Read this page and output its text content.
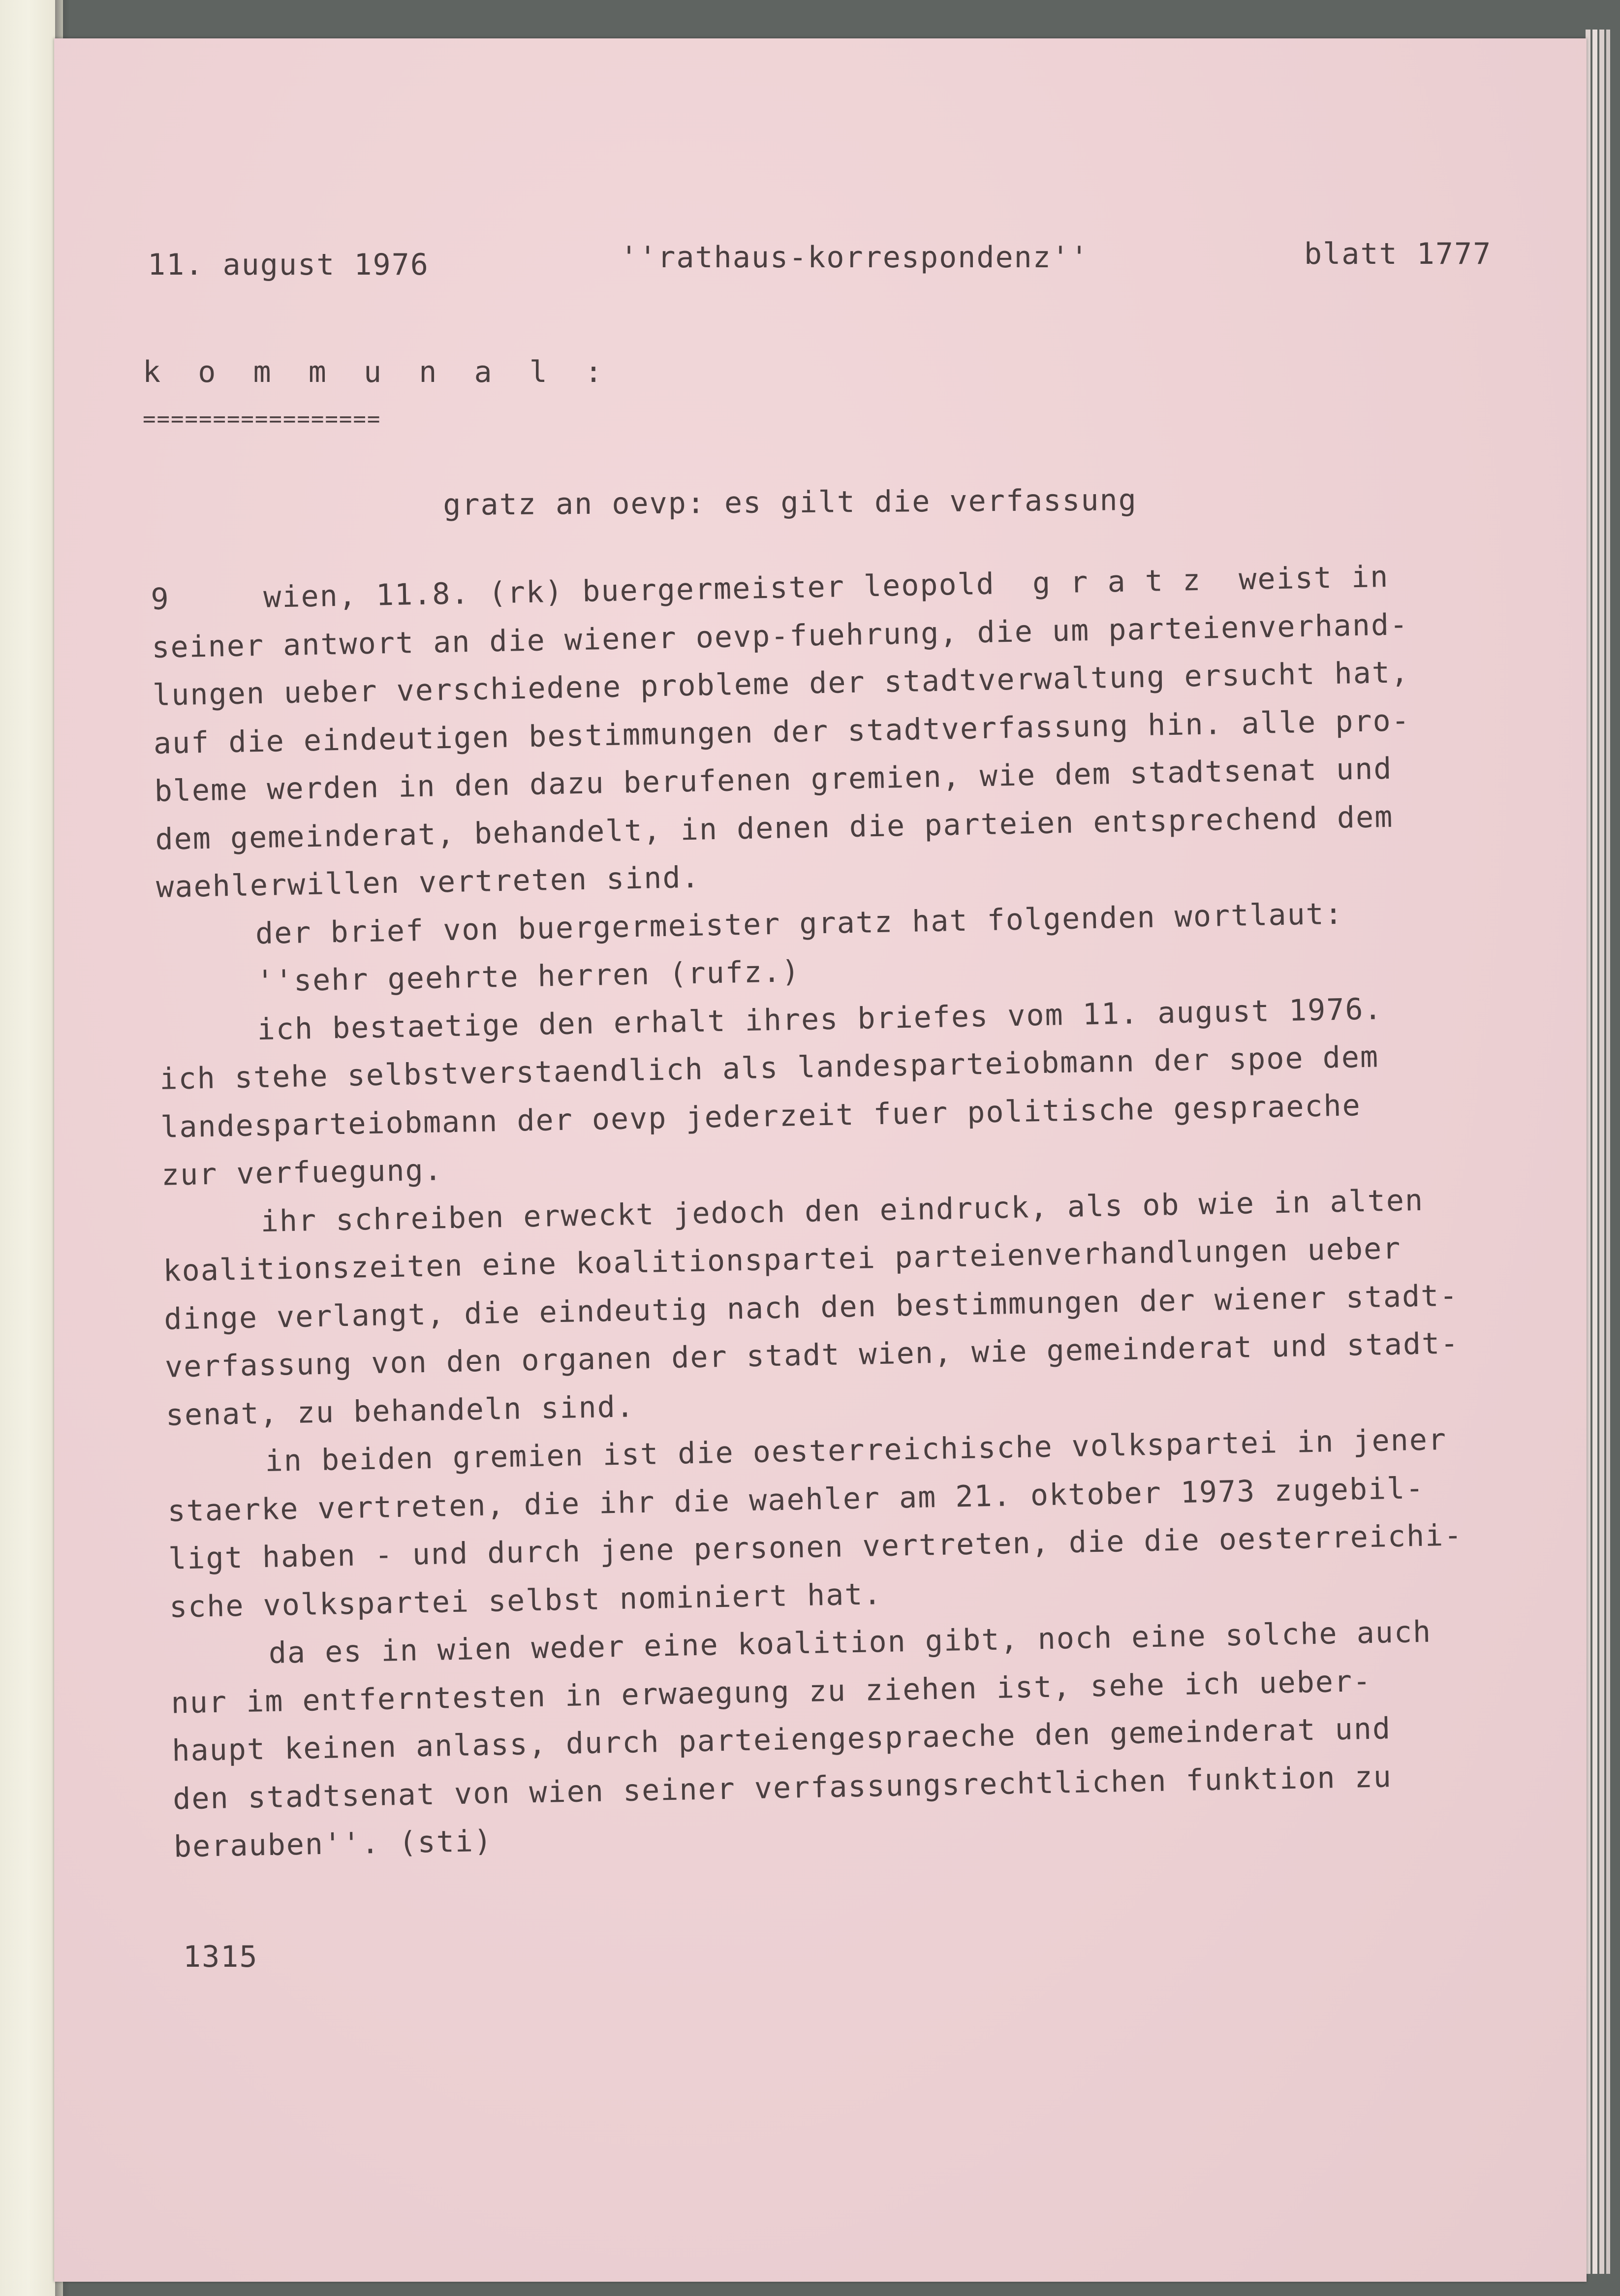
11. august 1976	''rathaus-korrespondenz''	blatt 1777
k o m m u n a l :
=================
gratz an oevp: es gilt die verfassung
9     wien, 11.8. (rk) buergermeister leopold  g r a t z  weist in
seiner antwort an die wiener oevp-fuehrung, die um parteienverhand-
lungen ueber verschiedene probleme der stadtverwaltung ersucht hat,
auf die eindeutigen bestimmungen der stadtverfassung hin. alle pro-
bleme werden in den dazu berufenen gremien, wie dem stadtsenat und
dem gemeinderat, behandelt, in denen die parteien entsprechend dem
waehlerwillen vertreten sind.
der brief von buergermeister gratz hat folgenden wortlaut:
''sehr geehrte herren (rufz.)
ich bestaetige den erhalt ihres briefes vom 11. august 1976.
ich stehe selbstverstaendlich als landesparteiobmann der spoe dem
landesparteiobmann der oevp jederzeit fuer politische gespraeche
zur verfuegung.
ihr schreiben erweckt jedoch den eindruck, als ob wie in alten
koalitionszeiten eine koalitionspartei parteienverhandlungen ueber
dinge verlangt, die eindeutig nach den bestimmungen der wiener stadt-
verfassung von den organen der stadt wien, wie gemeinderat und stadt-
senat, zu behandeln sind.
in beiden gremien ist die oesterreichische volkspartei in jener
staerke vertreten, die ihr die waehler am 21. oktober 1973 zugebil-
ligt haben - und durch jene personen vertreten, die die oesterreichi-
sche volkspartei selbst nominiert hat.
da es in wien weder eine koalition gibt, noch eine solche auch
nur im entferntesten in erwaegung zu ziehen ist, sehe ich ueber-
haupt keinen anlass, durch parteiengespraeche den gemeinderat und
den stadtsenat von wien seiner verfassungsrechtlichen funktion zu
berauben''. (sti)
1315
